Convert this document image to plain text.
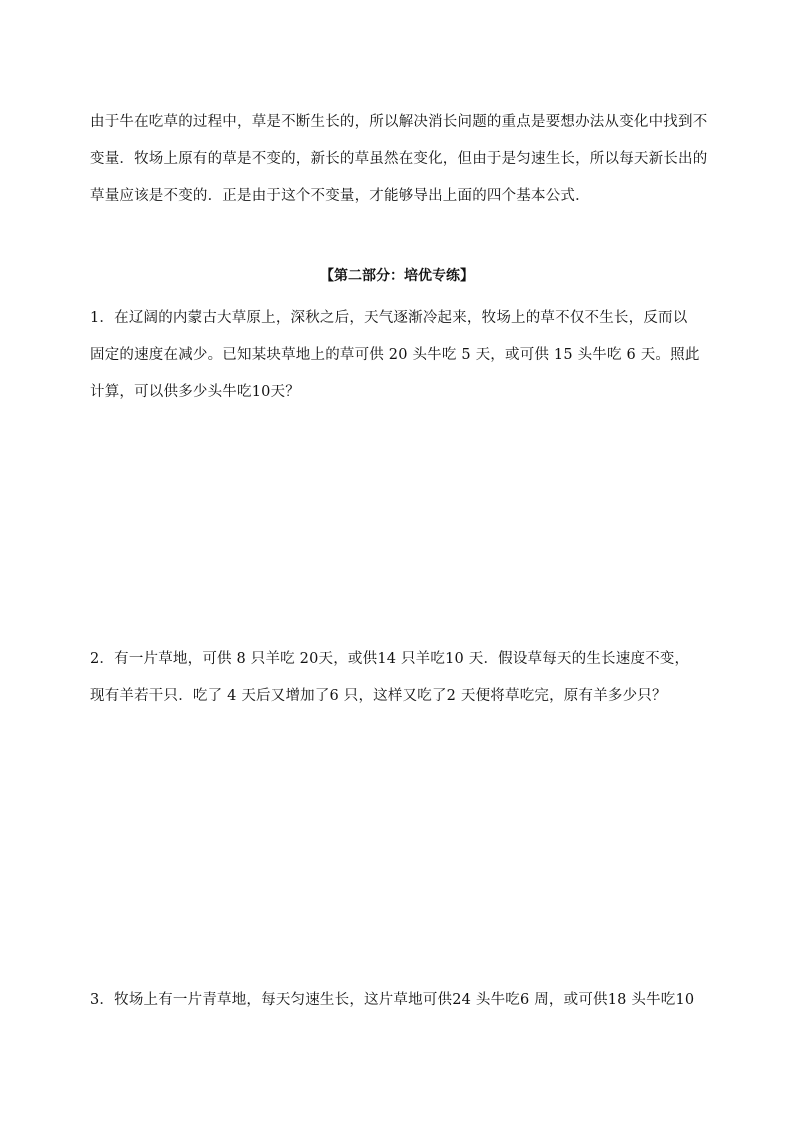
由于牛在吃草的过程中，草是不断生长的，所以解决消长问题的重点是要想办法从变化中找到不
变量．牧场上原有的草是不变的，新长的草虽然在变化，但由于是匀速生长，所以每天新长出的
草量应该是不变的．正是由于这个不变量，才能够导出上面的四个基本公式．

【第二部分：培优专练】

1．在辽阔的内蒙古大草原上，深秋之后，天气逐渐冷起来，牧场上的草不仅不生长，反而以
固定的速度在减少。已知某块草地上的草可供 20 头牛吃 5 天，或可供 15 头牛吃 6 天。照此
计算，可以供多少头牛吃10天？

2．有一片草地，可供 8 只羊吃 20天，或供14 只羊吃10 天．假设草每天的生长速度不变，
现有羊若干只．吃了 4 天后又增加了6 只，这样又吃了2 天便将草吃完，原有羊多少只？

3．牧场上有一片青草地，每天匀速生长，这片草地可供24 头牛吃6 周，或可供18 头牛吃10
